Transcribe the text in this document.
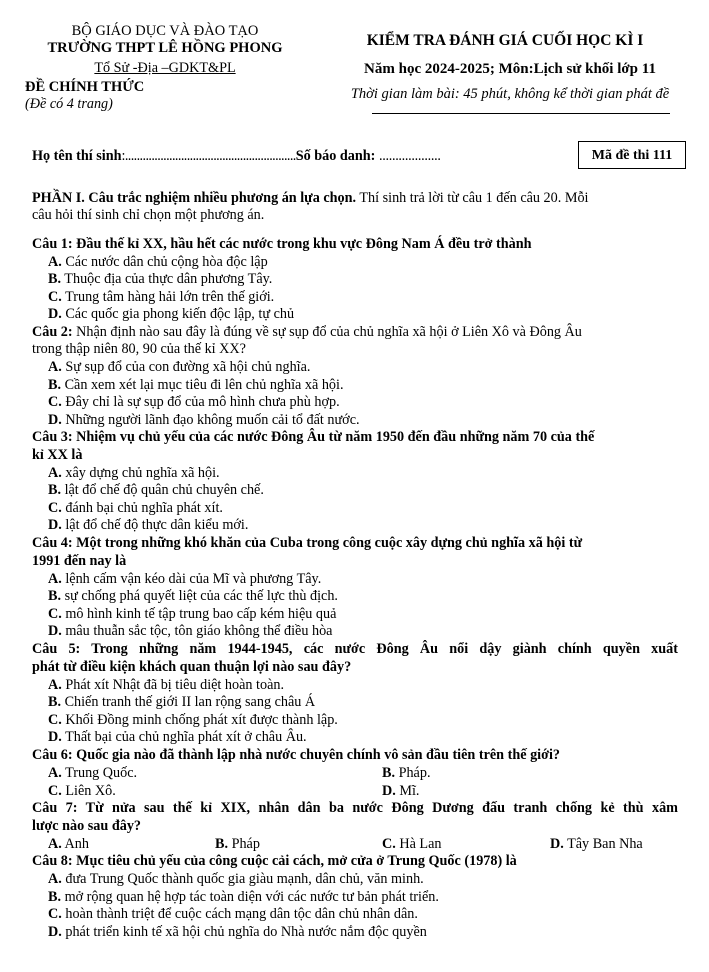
BỘ GIÁO DỤC VÀ ĐÀO TẠO
TRƯỜNG THPT LÊ HỒNG PHONG
Tổ Sử -Địa –GDKT&PL
ĐỀ CHÍNH THỨC
(Đề có 4 trang)
KIỂM TRA ĐÁNH GIÁ CUỐI HỌC KÌ I
Năm học 2024-2025; Môn:Lịch sử khối lớp 11
Thời gian làm bài: 45 phút, không kể thời gian phát đề
Họ tên thí sinh:..........................................................Số báo danh: ...................	Mã đề thi 111
PHẦN I. Câu trắc nghiệm nhiều phương án lựa chọn. Thí sinh trả lời từ câu 1 đến câu 20. Mỗi
câu hỏi thí sinh chỉ chọn một phương án.
Câu 1: Đầu thế kỉ XX, hầu hết các nước trong khu vực Đông Nam Á đều trở thành
A. Các nước dân chủ cộng hòa độc lập
B. Thuộc địa của thực dân phương Tây.
C. Trung tâm hàng hải lớn trên thế giới.
D. Các quốc gia phong kiến độc lập, tự chủ
Câu 2: Nhận định nào sau đây là đúng về sự sụp đổ của chủ nghĩa xã hội ở Liên Xô và Đông Âu
trong thập niên 80, 90 của thế kỉ XX?
A. Sự sụp đổ của con đường xã hội chủ nghĩa.
B. Cần xem xét lại mục tiêu đi lên chủ nghĩa xã hội.
C. Đây chỉ là sự sụp đổ của mô hình chưa phù hợp.
D. Những người lãnh đạo không muốn cải tổ đất nước.
Câu 3: Nhiệm vụ chủ yếu của các nước Đông Âu từ năm 1950 đến đầu những năm 70 của thế
kỉ XX là
A. xây dựng chủ nghĩa xã hội.
B. lật đổ chế độ quân chủ chuyên chế.
C. đánh bại chủ nghĩa phát xít.
D. lật đổ chế độ thực dân kiểu mới.
Câu 4: Một trong những khó khăn của Cuba trong công cuộc xây dựng chủ nghĩa xã hội từ
1991 đến nay là
A. lệnh cấm vận kéo dài của Mĩ và phương Tây.
B. sự chống phá quyết liệt của các thế lực thù địch.
C. mô hình kinh tế tập trung bao cấp kém hiệu quả
D. mâu thuẫn sắc tộc, tôn giáo không thể điều hòa
Câu 5: Trong những năm 1944-1945, các nước Đông Âu nổi dậy giành chính quyền xuất
phát từ điều kiện khách quan thuận lợi nào sau đây?
A. Phát xít Nhật đã bị tiêu diệt hoàn toàn.
B. Chiến tranh thế giới II lan rộng sang châu Á
C. Khối Đồng minh chống phát xít được thành lập.
D. Thất bại của chủ nghĩa phát xít ở châu Âu.
Câu 6: Quốc gia nào đã thành lập nhà nước chuyên chính vô sản đầu tiên trên thế giới?
A. Trung Quốc.	B. Pháp.
C. Liên Xô.	D. Mĩ.
Câu 7: Từ nửa sau thế kỉ XIX, nhân dân ba nước Đông Dương đấu tranh chống kẻ thù xâm
lược nào sau đây?
A. Anh	B. Pháp	C. Hà Lan	D. Tây Ban Nha
Câu 8: Mục tiêu chủ yếu của công cuộc cải cách, mở cửa ở Trung Quốc (1978) là
A. đưa Trung Quốc thành quốc gia giàu mạnh, dân chủ, văn minh.
B. mở rộng quan hệ hợp tác toàn diện với các nước tư bản phát triển.
C. hoàn thành triệt để cuộc cách mạng dân tộc dân chủ nhân dân.
D. phát triển kinh tế xã hội chủ nghĩa do Nhà nước nắm độc quyền
